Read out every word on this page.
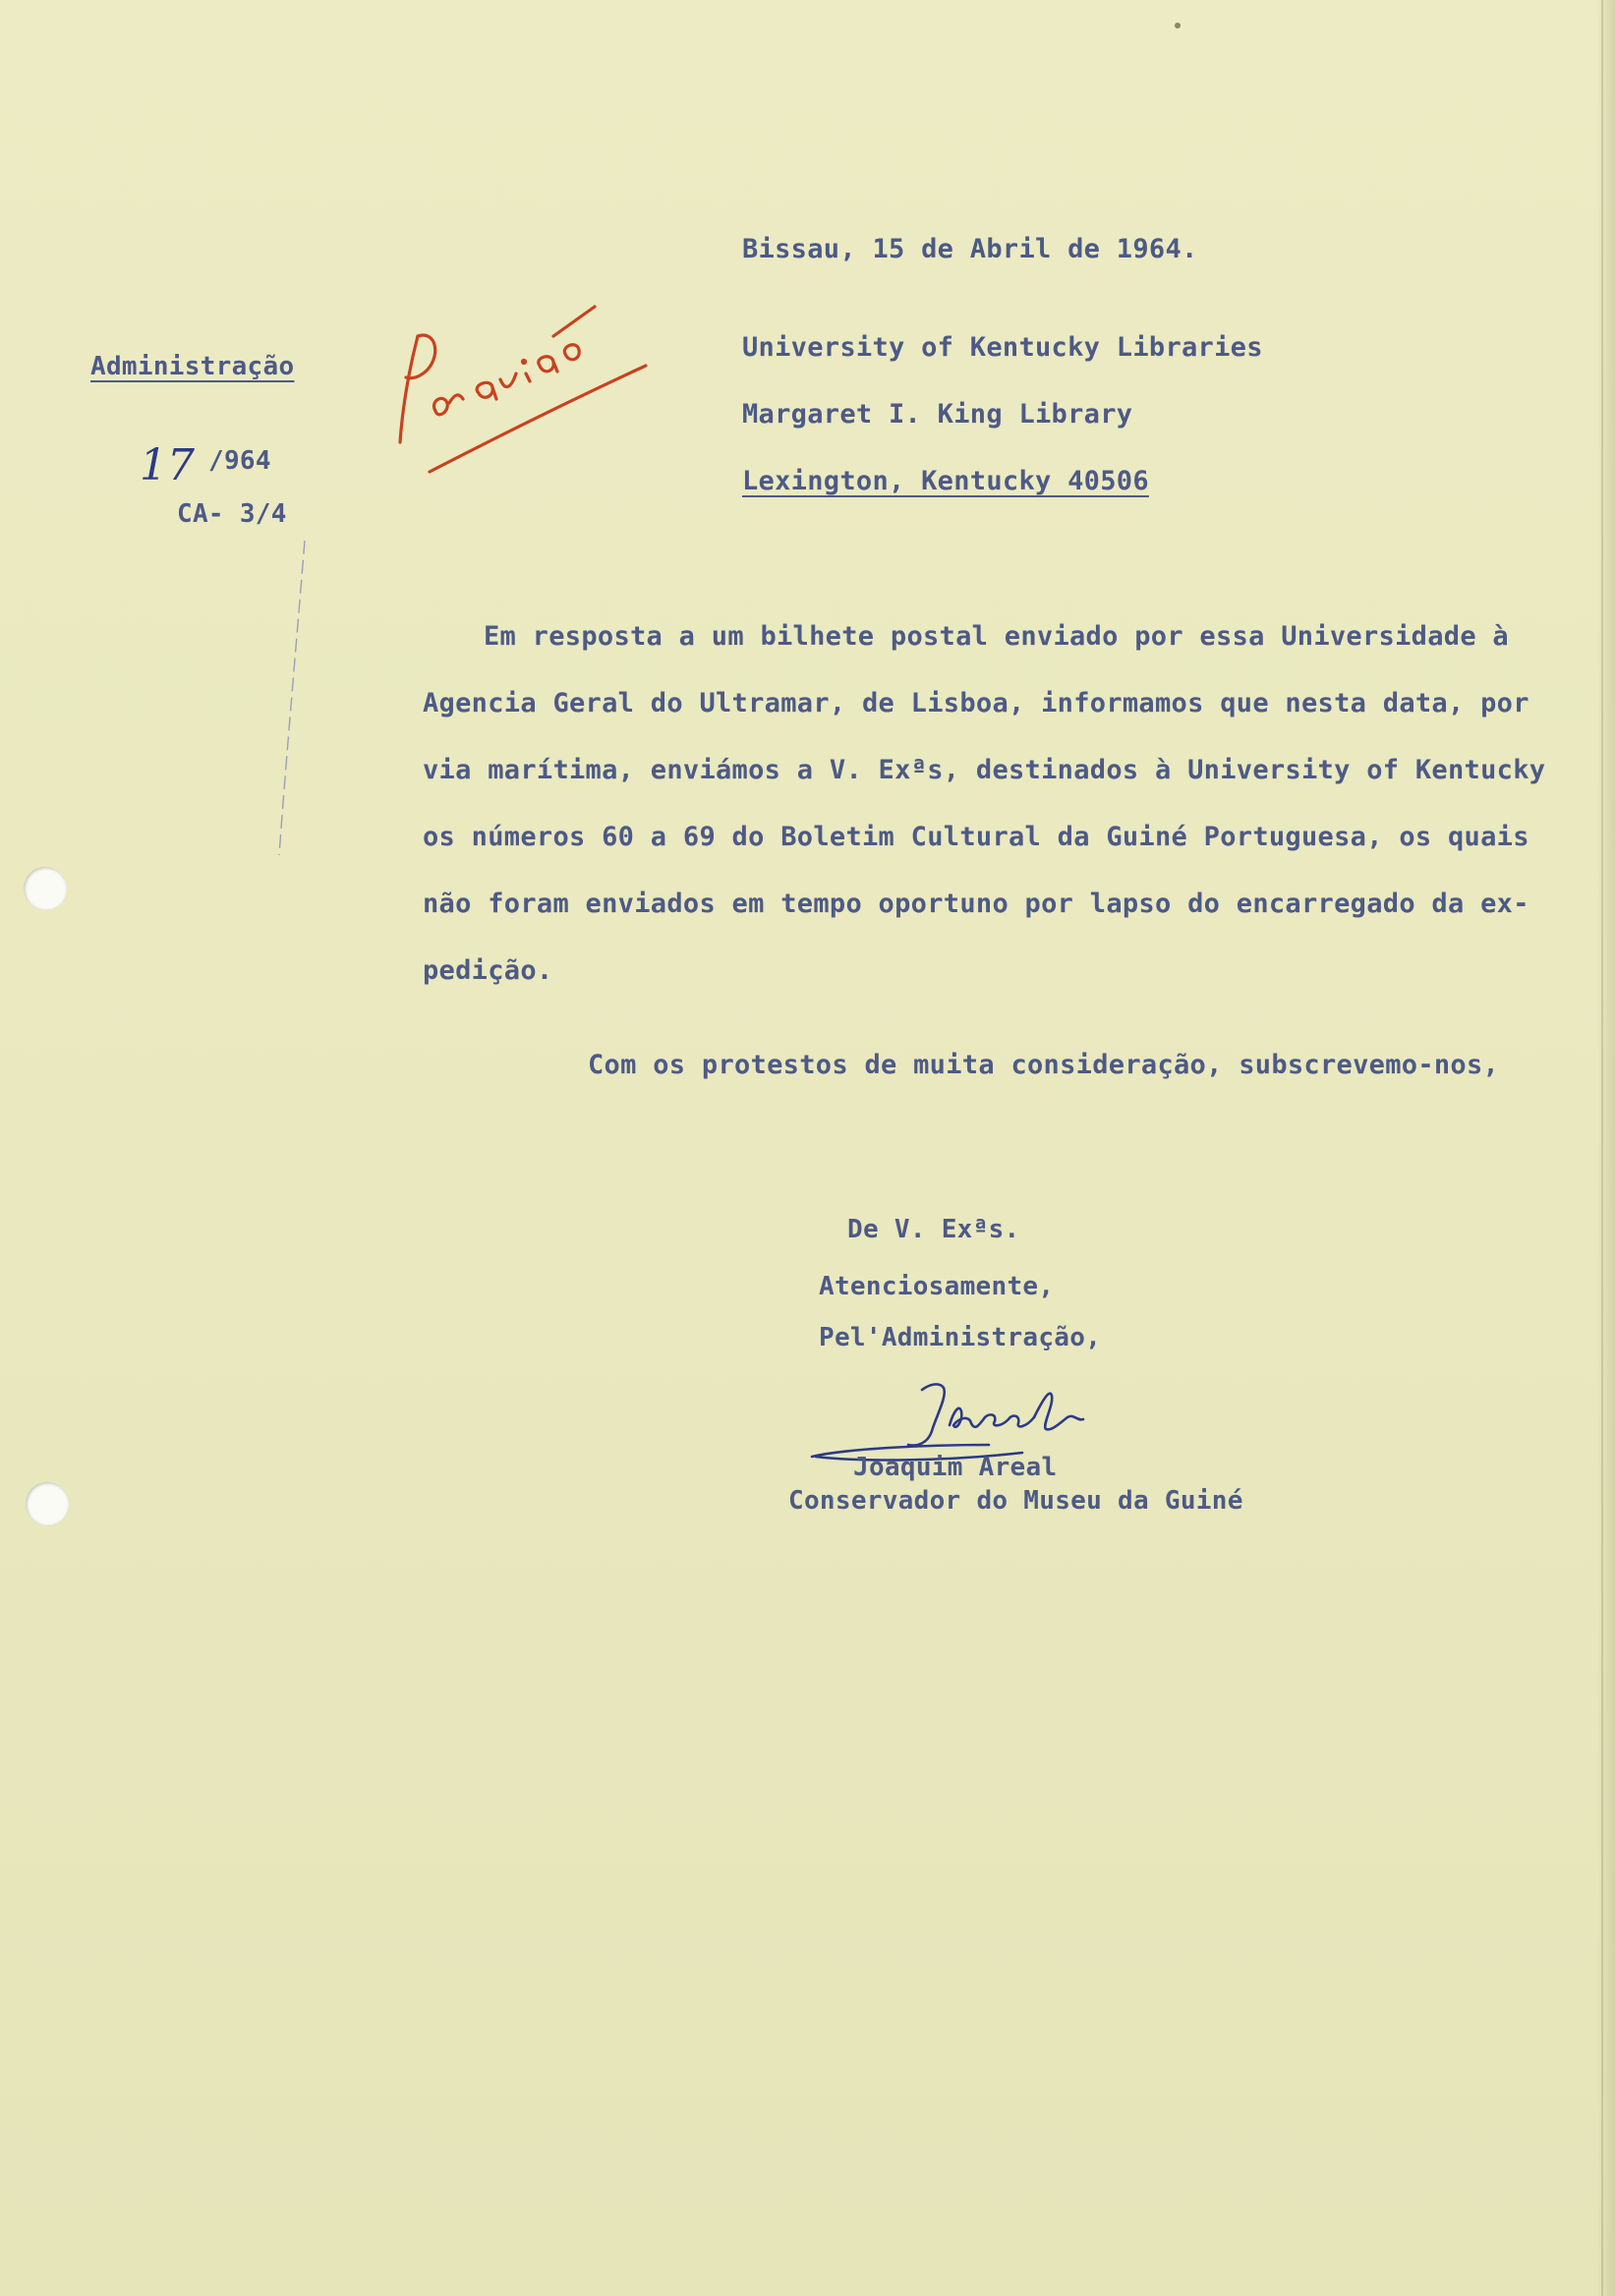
Bissau, 15 de Abril de 1964.
Administração
17 /964
CA- 3/4
University of Kentucky Libraries
Margaret I. King Library
Lexington, Kentucky 40506
Em resposta a um bilhete postal enviado por essa Universidade à
Agencia Geral do Ultramar, de Lisboa, informamos que nesta data, por
via marítima, enviámos a V. Exªs, destinados à University of Kentucky
os números 60 a 69 do Boletim Cultural da Guiné Portuguesa, os quais
não foram enviados em tempo oportuno por lapso do encarregado da ex-
pedição.
Com os protestos de muita consideração, subscrevemo-nos,
De V. Exªs.
Atenciosamente,
Pel'Administração,
Joaquim Areal
Conservador do Museu da Guiné
